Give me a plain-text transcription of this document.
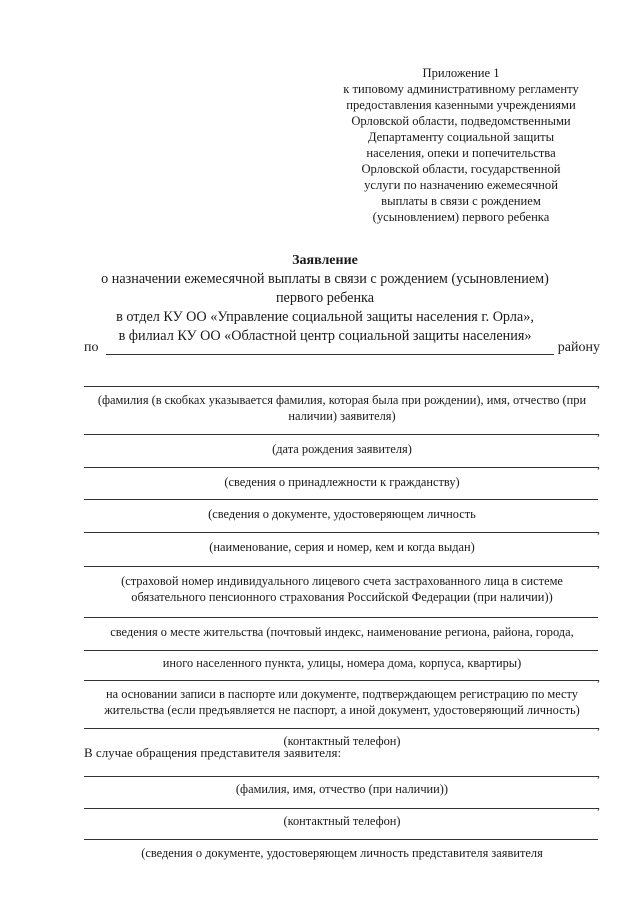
Приложение 1
к типовому административному регламенту
предоставления казенными учреждениями
Орловской области, подведомственными
Департаменту социальной защиты
населения, опеки и попечительства
Орловской области, государственной
услуги по назначению ежемесячной
выплаты в связи с рождением
(усыновлением) первого ребенка
Заявление
о назначении ежемесячной выплаты в связи с рождением (усыновлением)
первого ребенка
в отдел КУ ОО «Управление социальной защиты населения г. Орла»,
в филиал КУ ОО «Областной центр социальной защиты населения»
по	району
,
(фамилия (в скобках указывается фамилия, которая была при рождении), имя, отчество (при
наличии) заявителя)
,
(дата рождения заявителя)
,
(сведения о принадлежности к гражданству)
(сведения о документе, удостоверяющем личность
,
(наименование, серия и номер, кем и когда выдан)
,
(страховой номер индивидуального лицевого счета застрахованного лица в системе
обязательного пенсионного страхования Российской Федерации (при наличии))
сведения о месте жительства (почтовый индекс, наименование региона, района, города,
иного населенного пункта, улицы, номера дома, корпуса, квартиры)
,
на основании записи в паспорте или документе, подтверждающем регистрацию по месту
жительства (если предъявляется не паспорт, а иной документ, удостоверяющий личность)
,
(контактный телефон)
В случае обращения представителя заявителя:
,
(фамилия, имя, отчество (при наличии))
,
(контактный телефон)
(сведения о документе, удостоверяющем личность представителя заявителя
